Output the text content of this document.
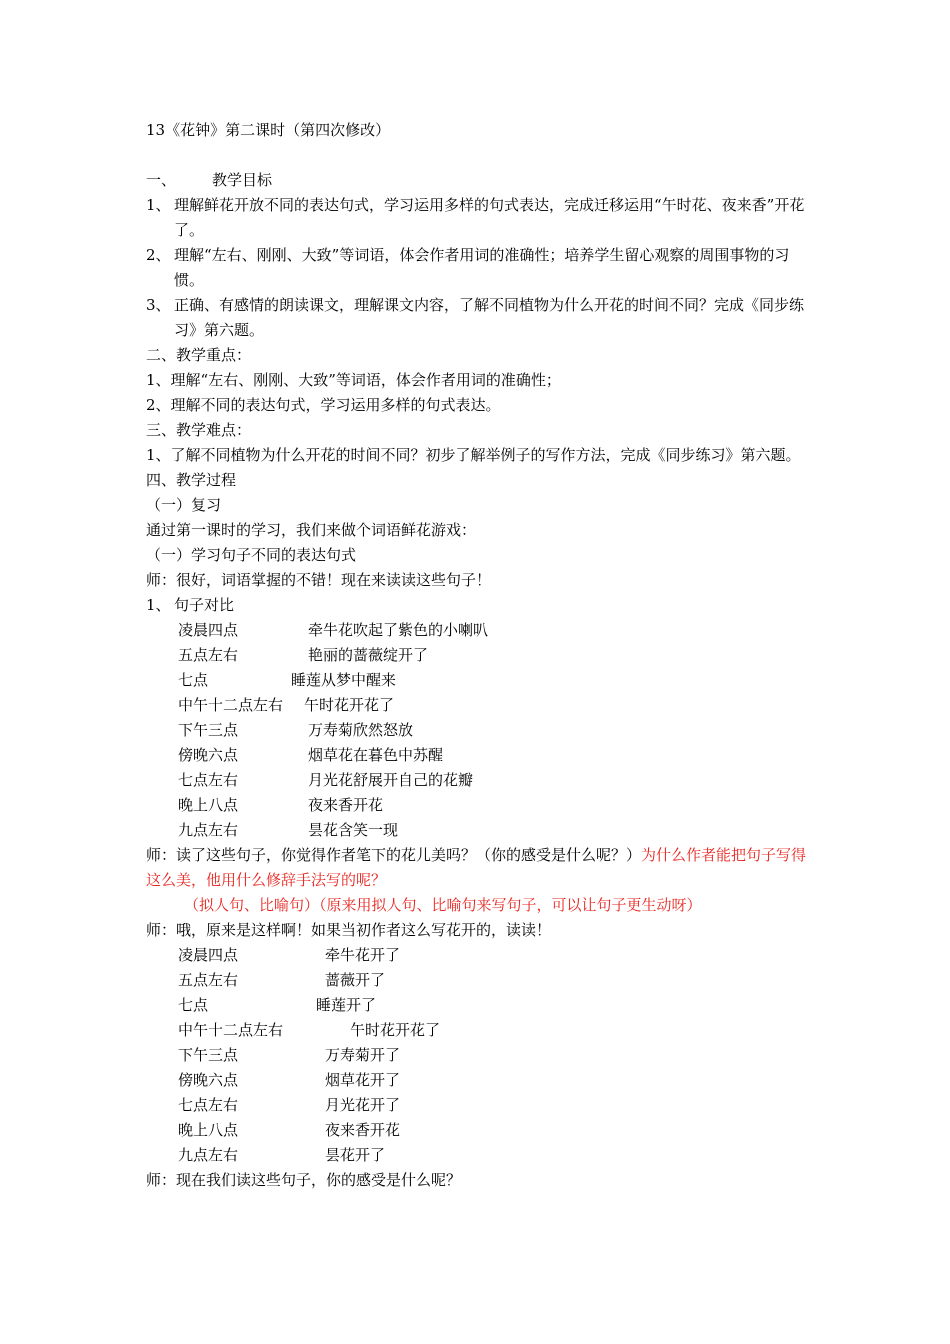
13《花钟》第二课时（第四次修改）
一、 教学目标
1、 理解鲜花开放不同的表达句式，学习运用多样的句式表达，完成迁移运用“午时花、夜来香”开花了。
2、 理解“左右、刚刚、大致”等词语，体会作者用词的准确性；培养学生留心观察的周围事物的习惯。
3、 正确、有感情的朗读课文，理解课文内容，了解不同植物为什么开花的时间不同？完成《同步练习》第六题。
二、教学重点：
1、理解“左右、刚刚、大致”等词语，体会作者用词的准确性；
2、理解不同的表达句式，学习运用多样的句式表达。
三、教学难点：
1、了解不同植物为什么开花的时间不同？初步了解举例子的写作方法，完成《同步练习》第六题。
四、教学过程
（一）复习
通过第一课时的学习，我们来做个词语鲜花游戏：
（一）学习句子不同的表达句式
师：很好，词语掌握的不错！现在来读读这些句子！
1、 句子对比
凌晨四点	牵牛花吹起了紫色的小喇叭
五点左右	艳丽的蔷薇绽开了
七点	睡莲从梦中醒来
中午十二点左右 午时花开花了
下午三点	万寿菊欣然怒放
傍晚六点	烟草花在暮色中苏醒
七点左右	月光花舒展开自己的花瓣
晚上八点	夜来香开花
九点左右	昙花含笑一现
师：读了这些句子，你觉得作者笔下的花儿美吗？（你的感受是什么呢？）为什么作者能把句子写得这么美，他用什么修辞手法写的呢？
（拟人句、比喻句）（原来用拟人句、比喻句来写句子，可以让句子更生动呀）
师：哦，原来是这样啊！如果当初作者这么写花开的，读读！
凌晨四点	牵牛花开了
五点左右	蔷薇开了
七点	睡莲开了
中午十二点左右	午时花开花了
下午三点	万寿菊开了
傍晚六点	烟草花开了
七点左右	月光花开了
晚上八点	夜来香开花
九点左右	昙花开了
师：现在我们读这些句子，你的感受是什么呢？
